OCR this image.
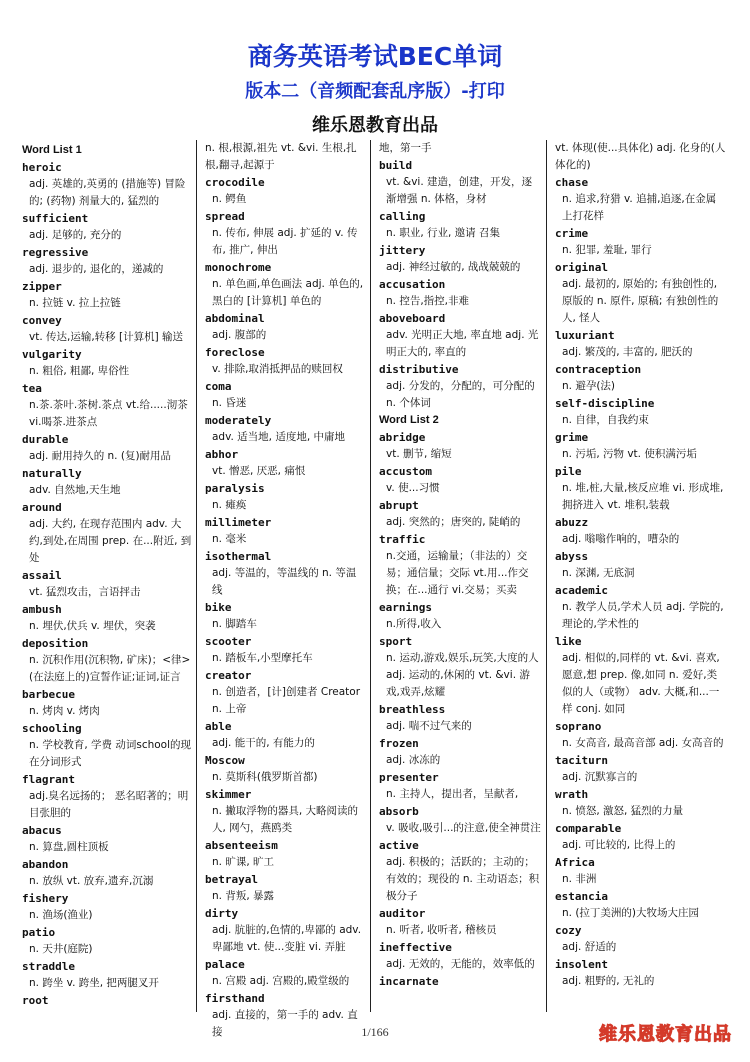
商务英语考试BEC单词
版本二（音频配套乱序版）-打印
维乐恩教育出品
Word List 1
heroic
adj. 英雄的,英勇的 (措施等) 冒险的; (药物) 剂量大的, 猛烈的
sufficient
adj. 足够的, 充分的
regressive
adj. 退步的, 退化的，递减的
zipper
n. 拉链 v. 拉上拉链
convey
vt. 传达,运输,转移 [计算机] 输送
vulgarity
n. 粗俗, 粗鄙, 卑俗性
tea
n.茶.茶叶.茶树.茶点 vt.给.....沏茶 vi.喝茶.进茶点
durable
adj. 耐用持久的 n. (复)耐用品
naturally
adv. 自然地,天生地
around
adj. 大约, 在现存范围内 adv. 大约,到处,在周围 prep. 在...附近, 到处
assail
vt. 猛烈攻击，言语抨击
ambush
n. 埋伏,伏兵 v. 埋伏，突袭
deposition
n. 沉积作用(沉积物, 矿床)；<律>(在法庭上的)宣誓作证;证词,证言
barbecue
n. 烤肉 v. 烤肉
schooling
n. 学校教育, 学费 动词school的现在分词形式
flagrant
adj.臭名远扬的； 恶名昭著的；明目张胆的
abacus
n. 算盘,圆柱顶板
abandon
n. 放纵 vt. 放弃,遗弃,沉溺
fishery
n. 渔场(渔业)
patio
n. 天井(庭院)
straddle
n. 跨坐 v. 跨坐, 把两腿叉开
root
n. 根,根源,祖先 vt. &vi. 生根,扎根,翻寻,起源于
crocodile
n. 鳄鱼
spread
n. 传布, 伸展 adj. 扩延的 v. 传布, 推广, 伸出
monochrome
n. 单色画,单色画法 adj. 单色的,黑白的 [计算机] 单色的
abdominal
adj. 腹部的
foreclose
v. 排除,取消抵押品的赎回权
coma
n. 昏迷
moderately
adv. 适当地, 适度地, 中庸地
abhor
vt. 憎恶, 厌恶, 痛恨
paralysis
n. 瘫痪
millimeter
n. 毫米
isothermal
adj. 等温的，等温线的 n. 等温线
bike
n. 脚踏车
scooter
n. 踏板车,小型摩托车
creator
n. 创造者，[计]创建者 Creator n. 上帝
able
adj. 能干的, 有能力的
Moscow
n. 莫斯科(俄罗斯首都)
skimmer
n. 撇取浮物的器具, 大略阅读的人, 网勺，燕鸥类
absenteeism
n. 旷课, 旷工
betrayal
n. 背叛, 暴露
dirty
adj. 肮脏的,色情的,卑鄙的 adv. 卑鄙地 vt. 使...变脏 vi. 弄脏
palace
n. 宫殿 adj. 宫殿的,殿堂级的
firsthand
adj. 直接的，第一手的 adv. 直接
地，第一手
build
vt. &vi. 建造，创建，开发，逐渐增强 n. 体格，身材
calling
n. 职业, 行业, 邀请 召集
jittery
adj. 神经过敏的, 战战兢兢的
accusation
n. 控告,指控,非难
aboveboard
adv. 光明正大地, 率直地 adj. 光明正大的, 率直的
distributive
adj. 分发的，分配的，可分配的 n. 个体词
Word List 2
abridge
vt. 删节, 缩短
accustom
v. 使...习惯
abrupt
adj. 突然的；唐突的, 陡峭的
traffic
n.交通，运输量；（非法的）交易；通信量；交际 vt.用...作交换；在...通行 vi.交易；买卖
earnings
n.所得,收入
sport
n. 运动,游戏,娱乐,玩笑,大度的人 adj. 运动的,休闲的 vt. &vi. 游戏,戏弄,炫耀
breathless
adj. 喘不过气来的
frozen
adj. 冰冻的
presenter
n. 主持人，提出者，呈献者,
absorb
v. 吸收,吸引...的注意,使全神贯注
active
adj. 积极的；活跃的；主动的；有效的；现役的 n. 主动语态；积极分子
auditor
n. 听者, 收听者, 稽核员
ineffective
adj. 无效的，无能的，效率低的
incarnate
vt. 体现(使...具体化) adj. 化身的(人体化的)
chase
n. 追求,狩猎 v. 追捕,追逐,在金属上打花样
crime
n. 犯罪, 羞耻, 罪行
original
adj. 最初的, 原始的; 有独创性的, 原版的 n. 原件, 原稿; 有独创性的人, 怪人
luxuriant
adj. 繁茂的, 丰富的, 肥沃的
contraception
n. 避孕(法)
self-discipline
n. 自律，自我约束
grime
n. 污垢, 污物 vt. 使积满污垢
pile
n. 堆,桩,大量,核反应堆 vi. 形成堆,拥挤进入 vt. 堆积,装载
abuzz
adj. 嗡嗡作响的，嘈杂的
abyss
n. 深渊, 无底洞
academic
n. 教学人员,学术人员 adj. 学院的,理论的,学术性的
like
adj. 相似的,同样的 vt. &vi. 喜欢,愿意,想 prep. 像,如同 n. 爱好,类似的人（或物） adv. 大概,和...一样 conj. 如同
soprano
n. 女高音, 最高音部 adj. 女高音的
taciturn
adj. 沉默寡言的
wrath
n. 愤怒, 激怒, 猛烈的力量
comparable
adj. 可比较的, 比得上的
Africa
n. 非洲
estancia
n. (拉丁美洲的)大牧场大庄园
cozy
adj. 舒适的
insolent
adj. 粗野的, 无礼的
1/166	维乐恩教育出品
